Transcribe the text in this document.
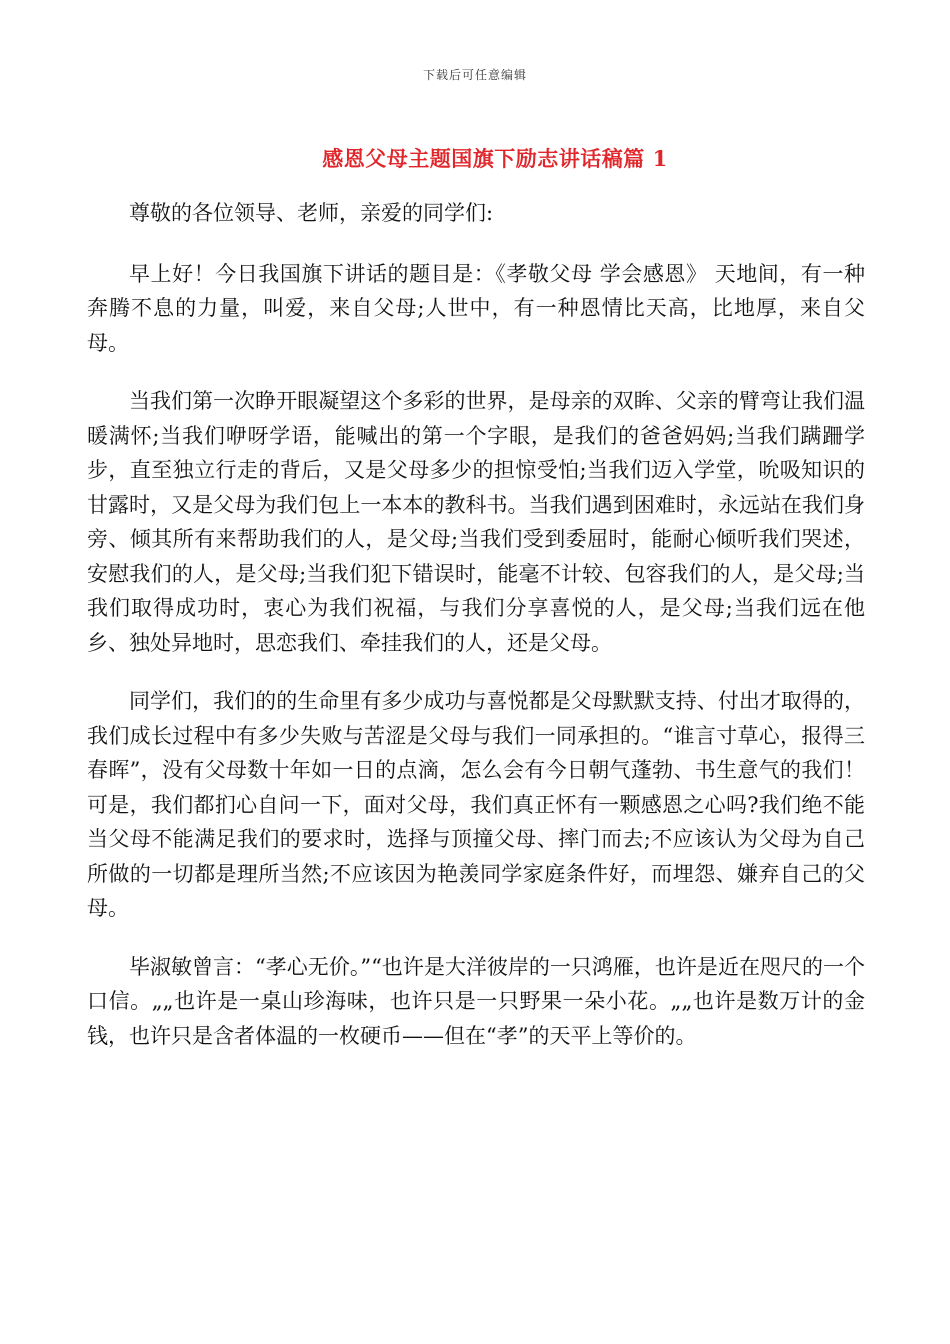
下载后可任意编辑
感恩父母主题国旗下励志讲话稿篇 1

尊敬的各位领导、老师，亲爱的同学们:

早上好！今日我国旗下讲话的题目是：《孝敬父母 学会感恩》 天地间，有一种奔腾不息的力量，叫爱，来自父母;人世中，有一种恩情比天高，比地厚，来自父母。

当我们第一次睁开眼凝望这个多彩的世界，是母亲的双眸、父亲的臂弯让我们温暖满怀;当我们咿呀学语，能喊出的第一个字眼，是我们的爸爸妈妈;当我们蹒跚学步，直至独立行走的背后，又是父母多少的担惊受怕;当我们迈入学堂，吮吸知识的甘露时，又是父母为我们包上一本本的教科书。当我们遇到困难时，永远站在我们身旁、倾其所有来帮助我们的人，是父母;当我们受到委屈时，能耐心倾听我们哭述，安慰我们的人，是父母;当我们犯下错误时，能毫不计较、包容我们的人，是父母;当我们取得成功时，衷心为我们祝福，与我们分享喜悦的人，是父母;当我们远在他乡、独处异地时，思恋我们、牵挂我们的人，还是父母。

同学们，我们的的生命里有多少成功与喜悦都是父母默默支持、付出才取得的，我们成长过程中有多少失败与苦涩是父母与我们一同承担的。“谁言寸草心，报得三春晖”，没有父母数十年如一日的点滴，怎么会有今日朝气蓬勃、书生意气的我们！可是，我们都扪心自问一下，面对父母，我们真正怀有一颗感恩之心吗?我们绝不能当父母不能满足我们的要求时，选择与顶撞父母、摔门而去;不应该认为父母为自己所做的一切都是理所当然;不应该因为艳羡同学家庭条件好，而埋怨、嫌弃自己的父母。

毕淑敏曾言：“孝心无价。”“也许是大洋彼岸的一只鸿雁，也许是近在咫尺的一个口信。„„也许是一桌山珍海味，也许只是一只野果一朵小花。„„也许是数万计的金钱，也许只是含者体温的一枚硬币——但在“孝”的天平上等价的。
